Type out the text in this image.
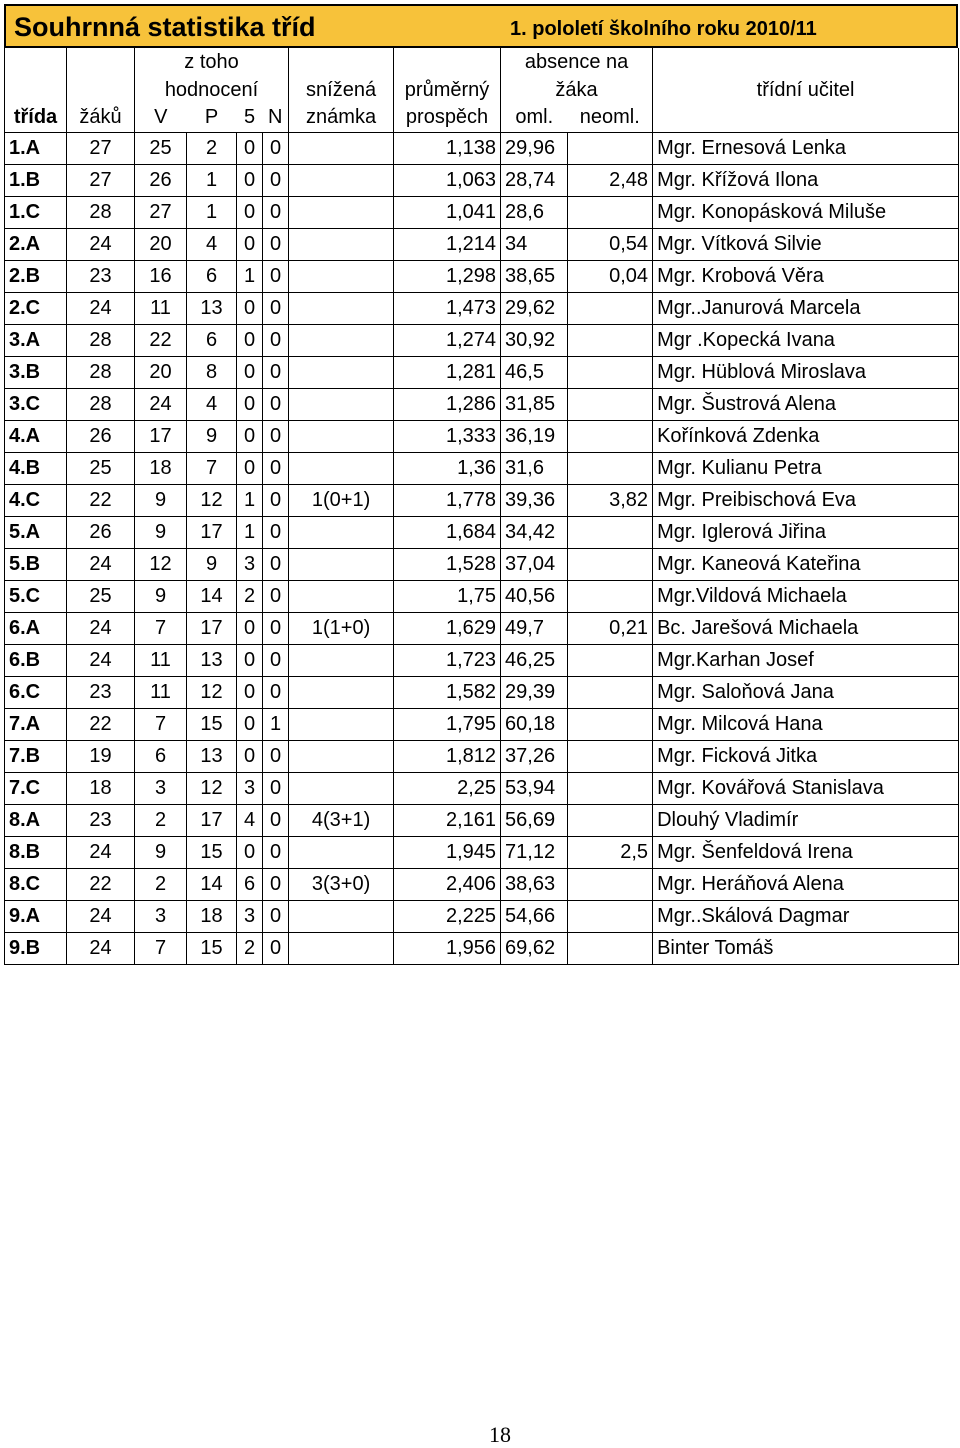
Souhrnná statistika tříd	1. pololetí školního roku 2010/11
		z toho						absence na		
		hodnocení				snížená	průměrný	žáka		třídní učitel
třída	žáků	V	P	5	N	známka	prospěch	oml.	neoml.	
1.A	27	25	2	0	0		1,138	29,96		Mgr. Ernesová Lenka
1.B	27	26	1	0	0		1,063	28,74	2,48	Mgr. Křížová Ilona
1.C	28	27	1	0	0		1,041	28,6		Mgr. Konopásková Miluše
2.A	24	20	4	0	0		1,214	34	0,54	Mgr. Vítková Silvie
2.B	23	16	6	1	0		1,298	38,65	0,04	Mgr. Krobová Věra
2.C	24	11	13	0	0		1,473	29,62		Mgr..Janurová Marcela
3.A	28	22	6	0	0		1,274	30,92		Mgr .Kopecká Ivana
3.B	28	20	8	0	0		1,281	46,5		Mgr. Hüblová Miroslava
3.C	28	24	4	0	0		1,286	31,85		Mgr. Šustrová Alena
4.A	26	17	9	0	0		1,333	36,19		Kořínková Zdenka
4.B	25	18	7	0	0		1,36	31,6		Mgr. Kulianu Petra
4.C	22	9	12	1	0	1(0+1)	1,778	39,36	3,82	Mgr. Preibischová Eva
5.A	26	9	17	1	0		1,684	34,42		Mgr. Iglerová Jiřina
5.B	24	12	9	3	0		1,528	37,04		Mgr. Kaneová Kateřina
5.C	25	9	14	2	0		1,75	40,56		Mgr.Vildová Michaela
6.A	24	7	17	0	0	1(1+0)	1,629	49,7	0,21	Bc. Jarešová Michaela
6.B	24	11	13	0	0		1,723	46,25		Mgr.Karhan Josef
6.C	23	11	12	0	0		1,582	29,39		Mgr. Saloňová Jana
7.A	22	7	15	0	1		1,795	60,18		Mgr. Milcová Hana
7.B	19	6	13	0	0		1,812	37,26		Mgr. Ficková Jitka
7.C	18	3	12	3	0		2,25	53,94		Mgr. Kovářová Stanislava
8.A	23	2	17	4	0	4(3+1)	2,161	56,69		Dlouhý Vladimír
8.B	24	9	15	0	0		1,945	71,12	2,5	Mgr. Šenfeldová Irena
8.C	22	2	14	6	0	3(3+0)	2,406	38,63		Mgr. Heráňová Alena
9.A	24	3	18	3	0		2,225	54,66		Mgr..Skálová Dagmar
9.B	24	7	15	2	0		1,956	69,62		Binter Tomáš
18
